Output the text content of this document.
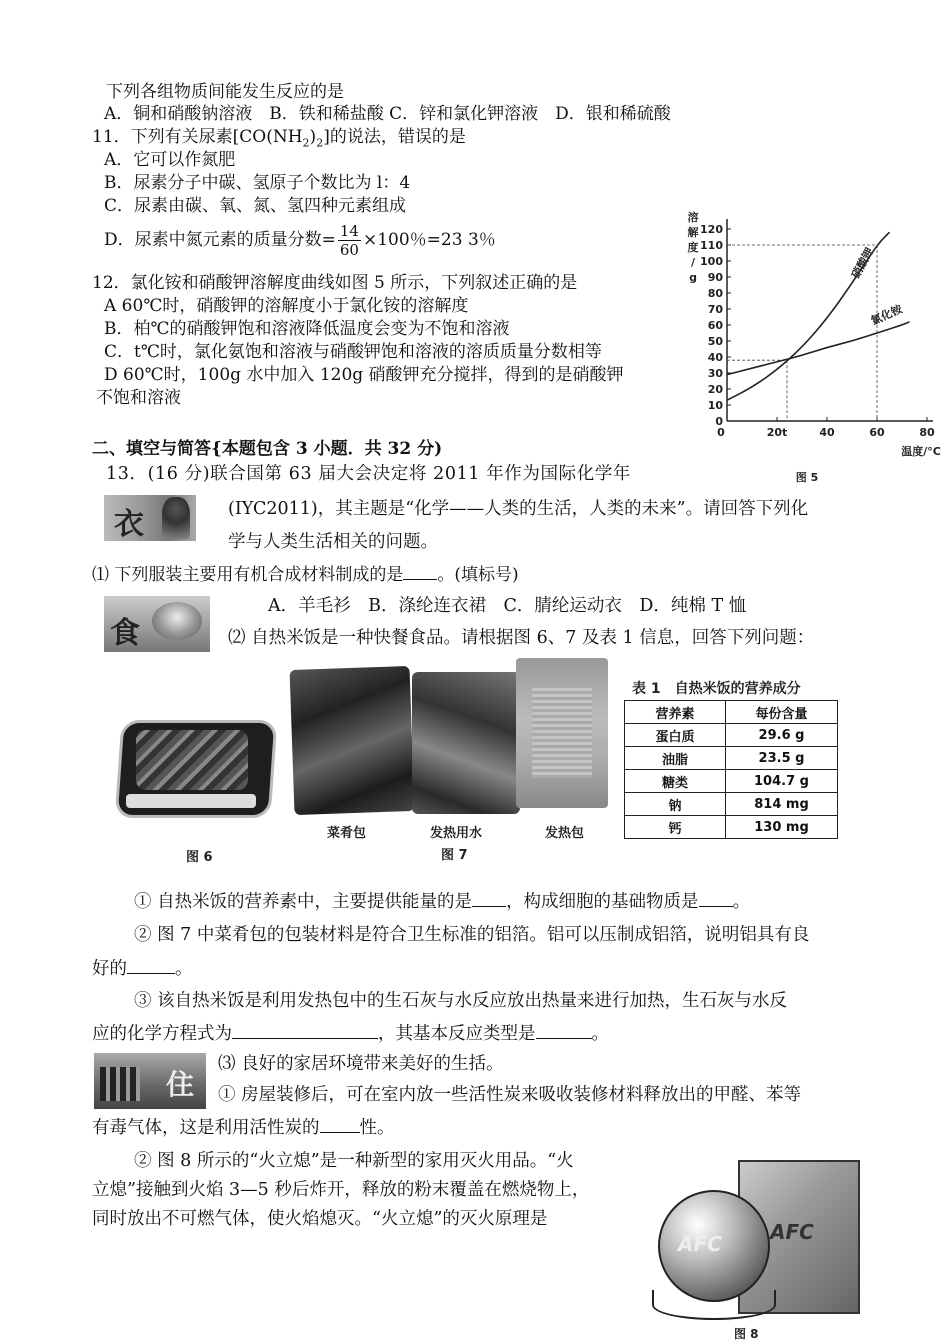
下列各组物质间能发生反应的是
A．铜和硝酸钠溶液　B．铁和稀盐酸 C．锌和氯化钾溶液　D．银和稀硫酸
11．下列有关尿素$[CO(NH_2)_2]$的说法，错误的是
A．它可以作氮肥
B．尿素分子中碳、氢原子个数比为 l：4
C．尿素由碳、氧、氮、氢四种元素组成
D．尿素中氮元素的质量分数= $\frac{14}{60} \times 100$％=23 3％
12．氯化铵和硝酸钾溶解度曲线如图 5 所示，下列叙述正确的是
A 60℃时，硝酸钾的溶解度小于氯化铵的溶解度
B．柏℃的硝酸钾饱和溶液降低温度会变为不饱和溶液
C．t℃时，氯化氨饱和溶液与硝酸钾饱和溶液的溶质质量分数相等
D 60℃时，100g 水中加入 120g 硝酸钾充分搅拌，得到的是硝酸钾
不饱和溶液
0
10
20
30
40
50
60
70
80
90
100
110
120
0	20t	40	60	80
溶
解
度
/
g
温度/°C
图 5
硝酸钾
氯化铵
二、填空与简答{本题包含 3 小题．共 32 分)
13．(16 分)联合国第 63 届大会决定将 2011 年作为国际化学年
衣	(IYC2011)，其主题是“化学——人类的生活，人类的未来”。请回答下列化
学与人类生活相关的问题。
⑴ 下列服装主要用有机合成材料制成的是 。(填标号)
食
A．羊毛衫　B．涤纶连衣裙　C．腈纶运动衣　D．纯棉 T 恤
⑵ 自热米饭是一种快餐食品。请根据图 6、7 及表 1 信息，回答下列问题：
图 6
菜肴包	发热用水	发热包
图 7
表 1　自热米饭的营养成分
营养素	每份含量
蛋白质	29.6 g
油脂	23.5 g
糖类	104.7 g
钠	814 mg
钙	130 mg
① 自热米饭的营养素中，主要提供能量的是 ，构成细胞的基础物质是 。
② 图 7 中菜肴包的包装材料是符合卫生标准的铝箔。铝可以压制成铝箔，说明铝具有良
好的	。
③ 该自热米饭是利用发热包中的生石灰与水反应放出热量来进行加热，生石灰与水反
应的化学方程式为	，其基本反应类型是	。
住
⑶ 良好的家居环境带来美好的生括。
① 房屋装修后，可在室内放一些活性炭来吸收装修材料释放出的甲醛、苯等
有毒气体，这是利用活性炭的 性。
② 图 8 所示的“火立熄”是一种新型的家用灭火用品。“火
立熄”接触到火焰 3—5 秒后炸开，释放的粉末覆盖在燃烧物上，
同时放出不可燃气体，使火焰熄灭。“火立熄”的灭火原理是
AFC
AFC
图 8
